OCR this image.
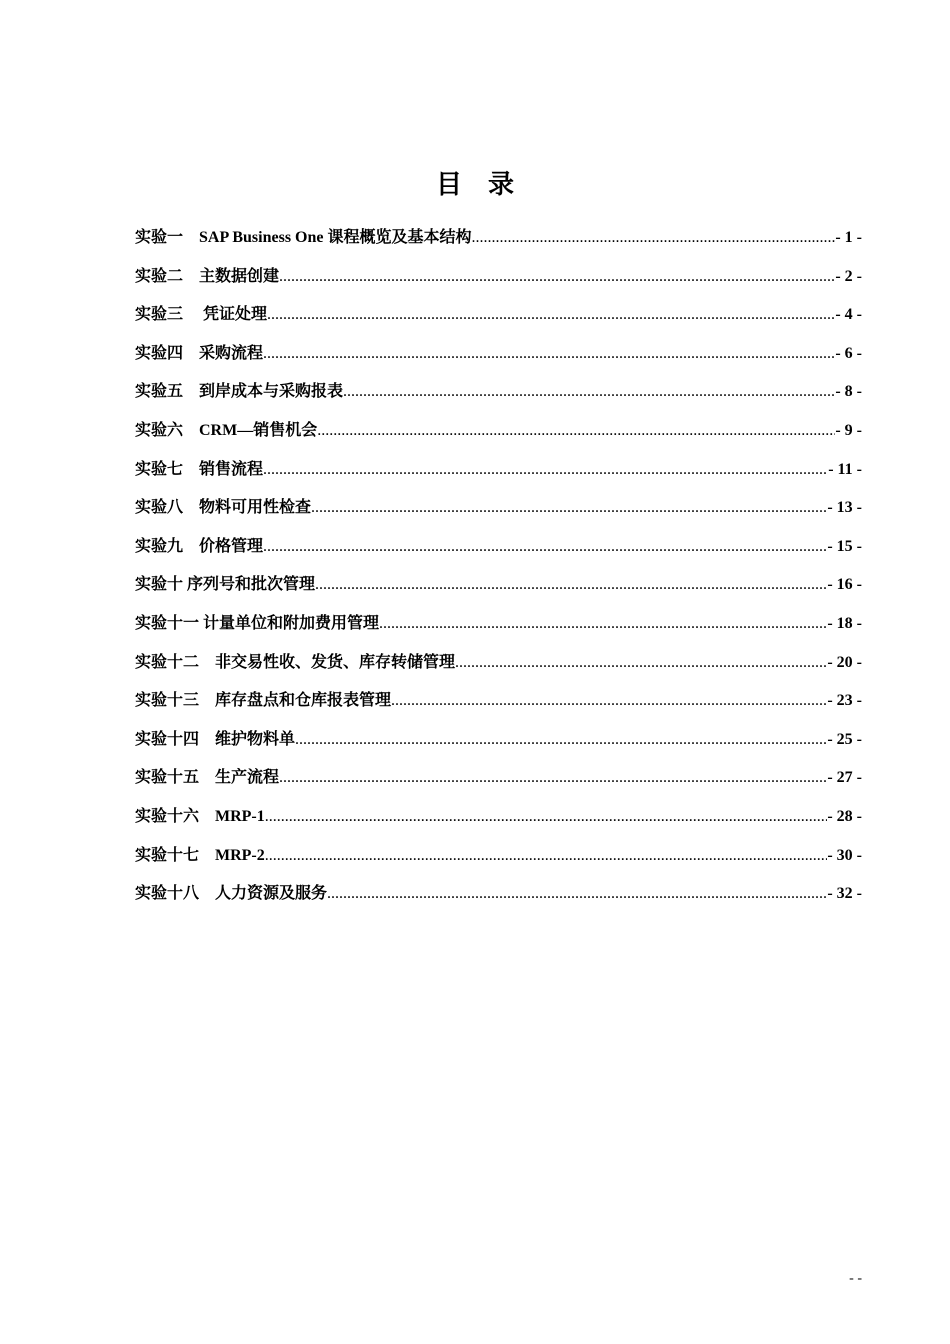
目　录
实验一　SAP Business One 课程概览及基本结构 .....	- 1 -
实验二　主数据创建 .....	- 2 -
实验三　 凭证处理 .....	- 4 -
实验四　采购流程 .....	- 6 -
实验五　到岸成本与采购报表 .....	- 8 -
实验六　CRM—销售机会 .....	- 9 -
实验七　销售流程 .....	- 11 -
实验八　物料可用性检查 .....	- 13 -
实验九　价格管理 .....	- 15 -
实验十 序列号和批次管理 .....	- 16 -
实验十一 计量单位和附加费用管理 .....	- 18 -
实验十二　非交易性收、发货、库存转储管理 .....	- 20 -
实验十三　库存盘点和仓库报表管理 .....	- 23 -
实验十四　维护物料单 .....	- 25 -
实验十五　生产流程 .....	- 27 -
实验十六　MRP-1 .....	- 28 -
实验十七　MRP-2 .....	- 30 -
实验十八　人力资源及服务 .....	- 32 -
- -
